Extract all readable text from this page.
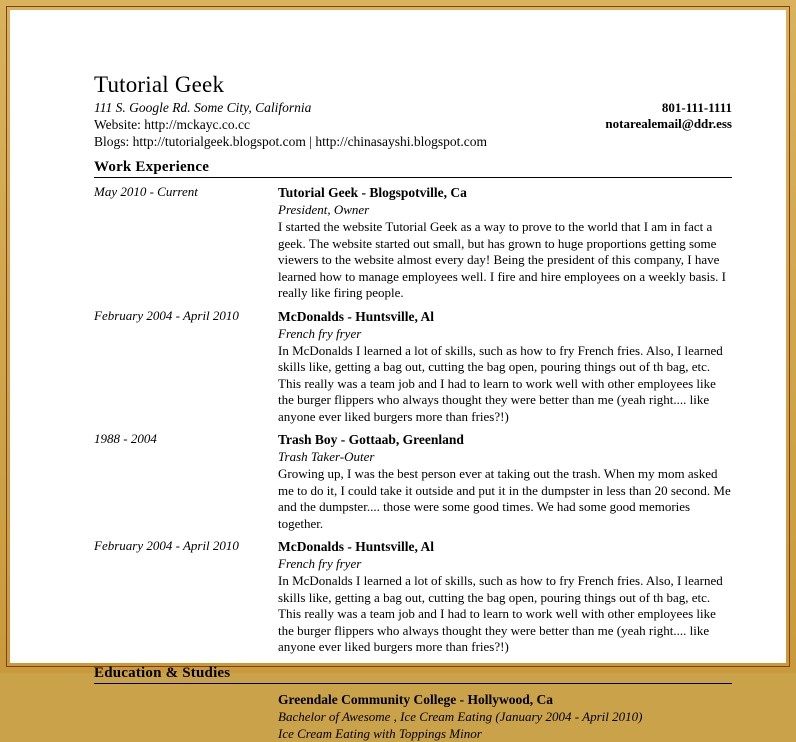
Tutorial Geek
111 S. Google Rd. Some City, California
Website: http://mckayc.co.cc
Blogs: http://tutorialgeek.blogspot.com | http://chinasayshi.blogspot.com
801-111-1111
notarealemail@ddr.ess
Work Experience
May 2010 - Current	Tutorial Geek - Blogspotville, Ca
President, Owner
I started the website Tutorial Geek as a way to prove to the world that I am in fact a geek. The website started out small, but has grown to huge proportions getting some viewers to the website almost every day! Being the president of this company, I have learned how to manage employees well. I fire and hire employees on a weekly basis. I really like firing people.
February 2004 - April 2010	McDonalds - Huntsville, Al
French fry fryer
In McDonalds I learned a lot of skills, such as how to fry French fries. Also, I learned skills like, getting a bag out, cutting the bag open, pouring things out of th bag, etc. This really was a team job and I had to learn to work well with other employees like the burger flippers who always thought they were better than me (yeah right.... like anyone ever liked burgers more than fries?!)
1988 - 2004	Trash Boy - Gottaab, Greenland
Trash Taker-Outer
Growing up, I was the best person ever at taking out the trash. When my mom asked me to do it, I could take it outside and put it in the dumpster in less than 20 second. Me and the dumpster.... those were some good times. We had some good memories together.
February 2004 - April 2010	McDonalds - Huntsville, Al
French fry fryer
In McDonalds I learned a lot of skills, such as how to fry French fries. Also, I learned skills like, getting a bag out, cutting the bag open, pouring things out of th bag, etc. This really was a team job and I had to learn to work well with other employees like the burger flippers who always thought they were better than me (yeah right.... like anyone ever liked burgers more than fries?!)
Education & Studies
Greendale Community College - Hollywood, Ca
Bachelor of Awesome , Ice Cream Eating (January 2004 - April 2010)
Ice Cream Eating with Toppings Minor
